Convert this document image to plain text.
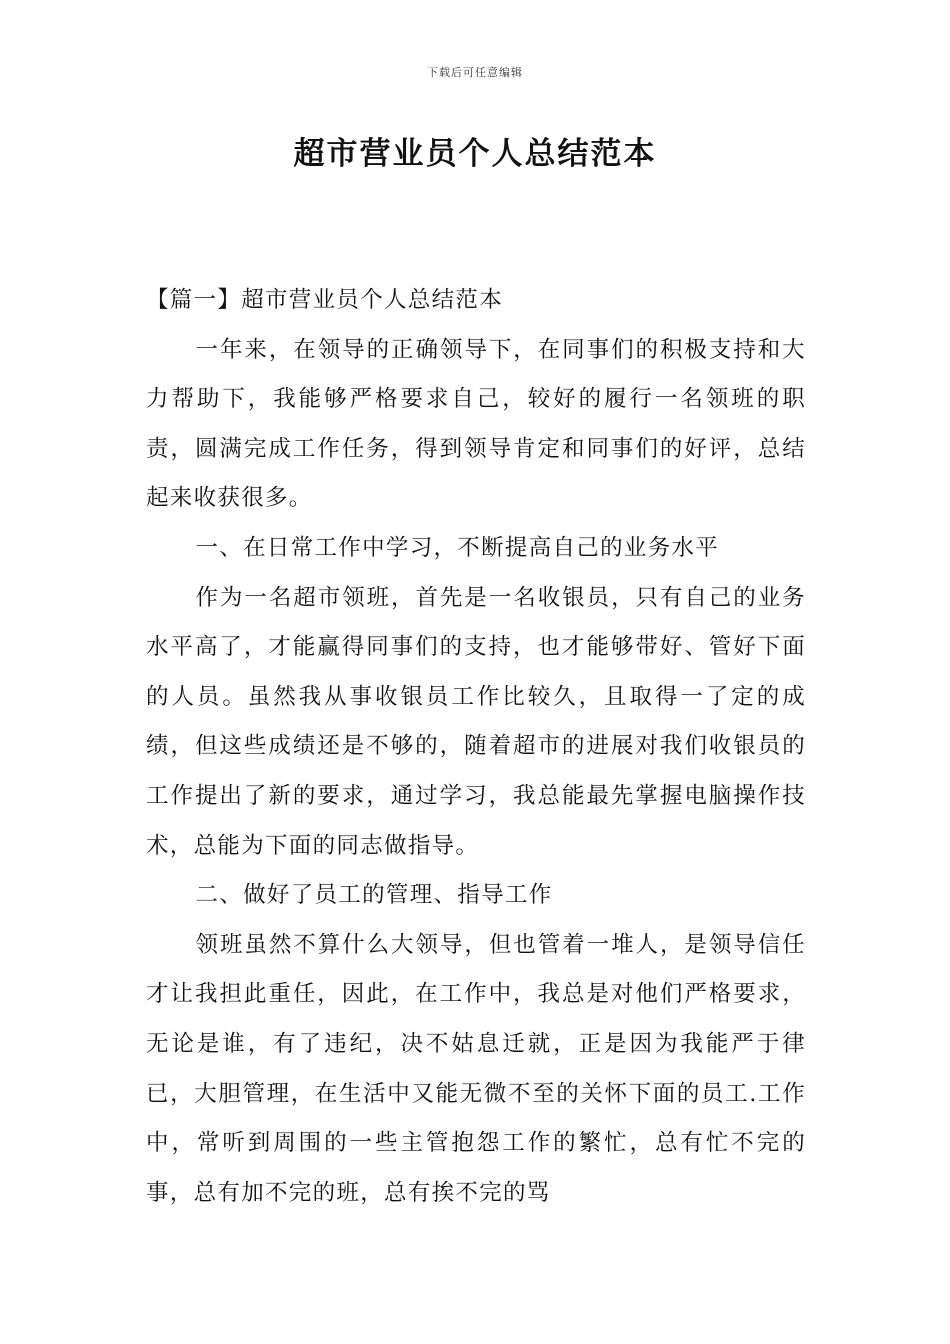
下载后可任意编辑
超市营业员个人总结范本

【篇一】超市营业员个人总结范本

一年来，在领导的正确领导下，在同事们的积极支持和大力帮助下，我能够严格要求自己，较好的履行一名领班的职责，圆满完成工作任务，得到领导肯定和同事们的好评，总结起来收获很多。

一、在日常工作中学习，不断提高自己的业务水平

作为一名超市领班，首先是一名收银员，只有自己的业务水平高了，才能赢得同事们的支持，也才能够带好、管好下面的人员。虽然我从事收银员工作比较久，且取得一了定的成绩，但这些成绩还是不够的，随着超市的进展对我们收银员的工作提出了新的要求，通过学习，我总能最先掌握电脑操作技术，总能为下面的同志做指导。

二、做好了员工的管理、指导工作

领班虽然不算什么大领导，但也管着一堆人，是领导信任才让我担此重任，因此，在工作中，我总是对他们严格要求，无论是谁，有了违纪，决不姑息迁就，正是因为我能严于律已，大胆管理，在生活中又能无微不至的关怀下面的员工.工作中，常听到周围的一些主管抱怨工作的繁忙，总有忙不完的事，总有加不完的班，总有挨不完的骂
